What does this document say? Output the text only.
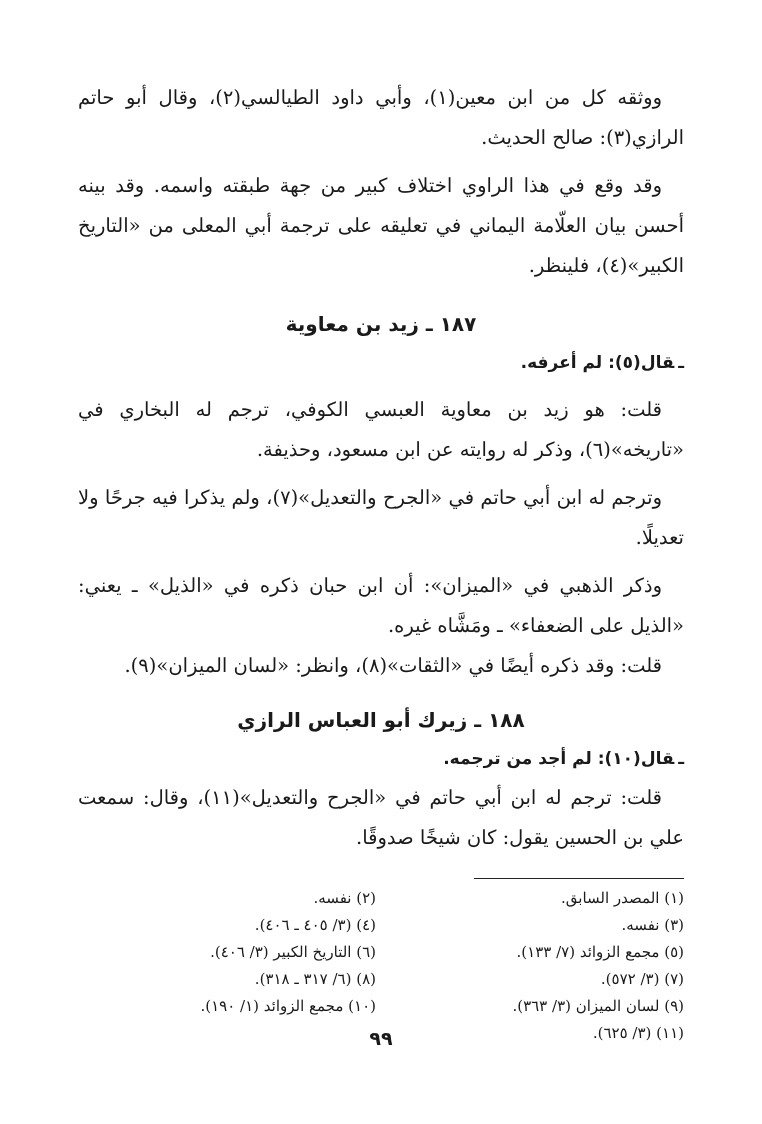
ووثقه كل من ابن معين(١)، وأبي داود الطيالسي(٢)، وقال أبو حاتم الرازي(٣): صالح الحديث.

وقد وقع في هذا الراوي اختلاف كبير من جهة طبقته واسمه. وقد بينه أحسن بيان العلّامة اليماني في تعليقه على ترجمة أبي المعلى من «التاريخ الكبير»(٤)، فلينظر.

١٨٧ ـ زيد بن معاوية

ـقال(٥): لم أعرفه.

قلت: هو زيد بن معاوية العبسي الكوفي، ترجم له البخاري في «تاريخه»(٦)، وذكر له روايته عن ابن مسعود، وحذيفة.

وترجم له ابن أبي حاتم في «الجرح والتعديل»(٧)، ولم يذكرا فيه جرحًا ولا تعديلًا.

وذكر الذهبي في «الميزان»: أن ابن حبان ذكره في «الذيل» ـ يعني: «الذيل على الضعفاء» ـ ومَشَّاه غيره.

قلت: وقد ذكره أيضًا في «الثقات»(٨)، وانظر: «لسان الميزان»(٩).

١٨٨ ـ زيرك أبو العباس الرازي

ـقال(١٠): لم أجد من ترجمه.

قلت: ترجم له ابن أبي حاتم في «الجرح والتعديل»(١١)، وقال: سمعت علي بن الحسين يقول: كان شيخًا صدوقًا.

(١) المصدر السابق.
(٢) نفسه.
(٣) نفسه.
(٤) (٣/ ٤٠٥ ـ ٤٠٦).
(٥) مجمع الزوائد (٧/ ١٣٣).
(٦) التاريخ الكبير (٣/ ٤٠٦).
(٧) (٣/ ٥٧٢).
(٨) (٦/ ٣١٧ ـ ٣١٨).
(٩) لسان الميزان (٣/ ٣٦٣).
(١٠) مجمع الزوائد (١/ ١٩٠).
(١١) (٣/ ٦٢٥).
٩٩
